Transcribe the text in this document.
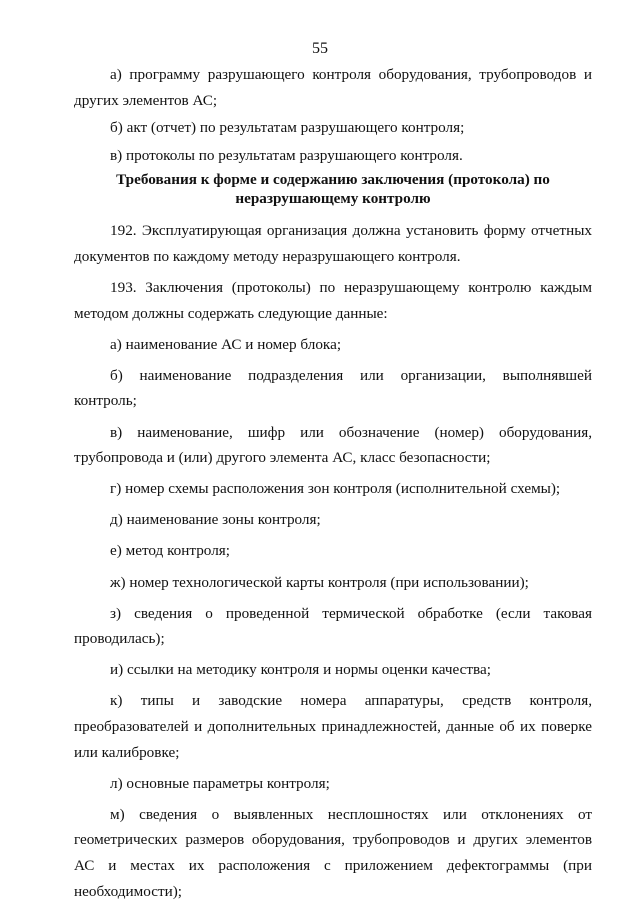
55

а) программу разрушающего контроля оборудования, трубопроводов и других элементов АС;

б) акт (отчет) по результатам разрушающего контроля;

в) протоколы по результатам разрушающего контроля.

Требования к форме и содержанию заключения (протокола) по
неразрушающему контролю

192. Эксплуатирующая организация должна установить форму отчетных документов по каждому методу неразрушающего контроля.

193. Заключения (протоколы) по неразрушающему контролю каждым методом должны содержать следующие данные:

а) наименование АС и номер блока;

б) наименование подразделения или организации, выполнявшей контроль;

в) наименование, шифр или обозначение (номер) оборудования, трубопровода и (или) другого элемента АС, класс безопасности;

г) номер схемы расположения зон контроля (исполнительной схемы);

д) наименование зоны контроля;

е) метод контроля;

ж) номер технологической карты контроля (при использовании);

з) сведения о проведенной термической обработке (если таковая проводилась);

и) ссылки на методику контроля и нормы оценки качества;

к) типы и заводские номера аппаратуры, средств контроля, преобразователей и дополнительных принадлежностей, данные об их поверке или калибровке;

л) основные параметры контроля;

м) сведения о выявленных несплошностях или отклонениях от геометрических размеров оборудования, трубопроводов и других элементов АС и местах их расположения с приложением дефектограммы (при необходимости);
